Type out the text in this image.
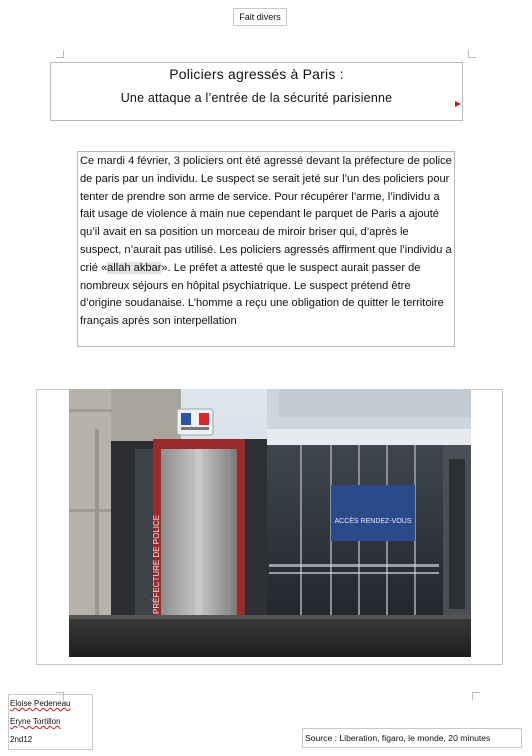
Fait divers
Policiers agressés à Paris :
Une attaque a l’entrée de la sécurité parisienne
Ce mardi 4 février, 3 policiers ont été agressé devant la préfecture de police de paris par un individu. Le suspect se serait jeté sur l’un des policiers pour tenter de prendre son arme de service. Pour récupérer l’arme, l’individu a fait usage de violence à main nue cependant le parquet de Paris a ajouté qu’il avait en sa position un morceau de miroir briser qui, d’après le suspect, n’aurait pas utilisé. Les policiers agressés affirment que l’individu a crié «allah akbar». Le préfet a attesté que le suspect aurait passer de nombreux séjours en hôpital psychiatrique. Le suspect prétend être d’origine soudanaise. L’homme a reçu une obligation de quitter le territoire français après son interpellation
PRÉFECTURE DE POLICE	ACCÈS RENDEZ-VOUS
Eloise Pedeneau
Eryne Tortillon
2nd12	Source : Liberation, figaro, le monde, 20 minutes
